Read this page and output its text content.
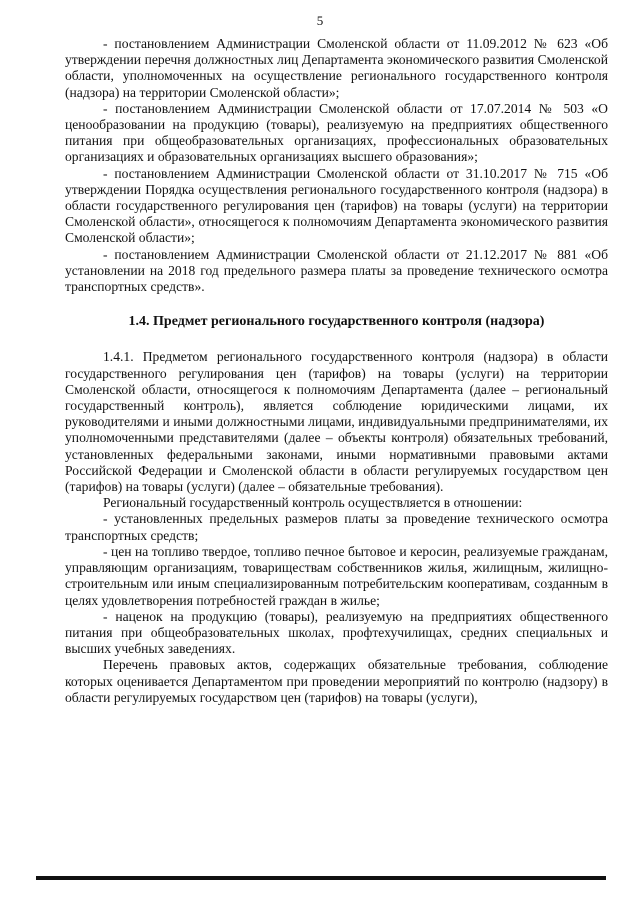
5

- постановлением Администрации Смоленской области от 11.09.2012 № 623 «Об утверждении перечня должностных лиц Департамента экономического развития Смоленской области, уполномоченных на осуществление регионального государственного контроля (надзора) на территории Смоленской области»;

- постановлением Администрации Смоленской области от 17.07.2014 № 503 «О ценообразовании на продукцию (товары), реализуемую на предприятиях общественного питания при общеобразовательных организациях, профессиональных образовательных организациях и образовательных организациях высшего образования»;

- постановлением Администрации Смоленской области от 31.10.2017 № 715 «Об утверждении Порядка осуществления регионального государственного контроля (надзора) в области государственного регулирования цен (тарифов) на товары (услуги) на территории Смоленской области», относящегося к полномочиям Департамента экономического развития Смоленской области»;

- постановлением Администрации Смоленской области от 21.12.2017 № 881 «Об установлении на 2018 год предельного размера платы за проведение технического осмотра транспортных средств».

1.4. Предмет регионального государственного контроля (надзора)

1.4.1. Предметом регионального государственного контроля (надзора) в области государственного регулирования цен (тарифов) на товары (услуги) на территории Смоленской области, относящегося к полномочиям Департамента (далее – региональный государственный контроль), является соблюдение юридическими лицами, их руководителями и иными должностными лицами, индивидуальными предпринимателями, их уполномоченными представителями (далее – объекты контроля) обязательных требований, установленных федеральными законами, иными нормативными правовыми актами Российской Федерации и Смоленской области в области регулируемых государством цен (тарифов) на товары (услуги) (далее – обязательные требования).

Региональный государственный контроль осуществляется в отношении:

- установленных предельных размеров платы за проведение технического осмотра транспортных средств;

- цен на топливо твердое, топливо печное бытовое и керосин, реализуемые гражданам, управляющим организациям, товариществам собственников жилья, жилищным, жилищно-строительным или иным специализированным потребительским кооперативам, созданным в целях удовлетворения потребностей граждан в жилье;

- наценок на продукцию (товары), реализуемую на предприятиях общественного питания при общеобразовательных школах, профтехучилищах, средних специальных и высших учебных заведениях.

Перечень правовых актов, содержащих обязательные требования, соблюдение которых оценивается Департаментом при проведении мероприятий по контролю (надзору) в области регулируемых государством цен (тарифов) на товары (услуги),
